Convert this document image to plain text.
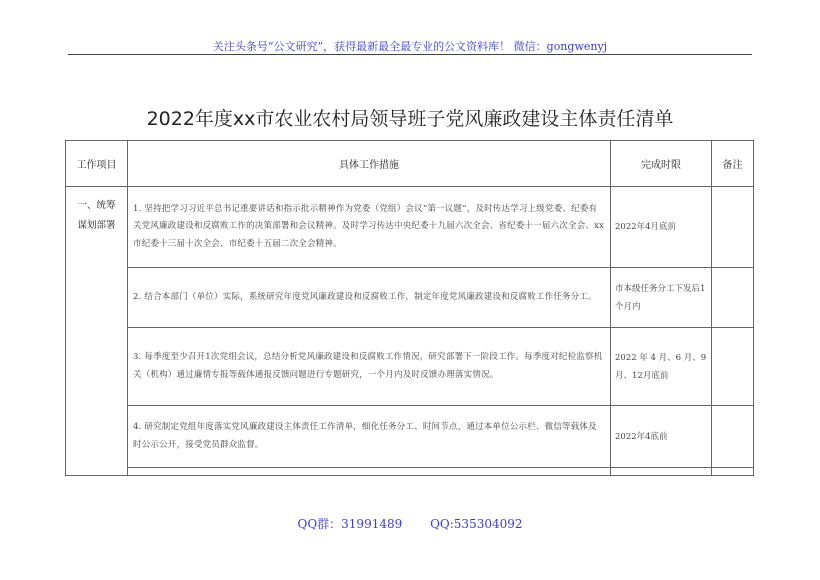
关注头条号“公文研究”，获得最新最全最专业的公文资料库！ 微信：gongwenyj
2022年度xx市农业农村局领导班子党风廉政建设主体责任清单
工作项目	具体工作措施	完成时限	备注

一、统筹
谋划部署	1. 坚持把学习习近平总书记重要讲话和指示批示精神作为党委（党组）会议“第一议题”，及时传达学习上级党委、纪委有关党风廉政建设和反腐败工作的决策部署和会议精神。及时学习传达中央纪委十九届六次全会、省纪委十一届六次全会、xx市纪委十三届十次全会、市纪委十五届二次全会精神。	2022年4月底前	
	2. 结合本部门（单位）实际，系统研究年度党风廉政建设和反腐败工作，制定年度党风廉政建设和反腐败工作任务分工。	市本级任务分工下发后1个月内	
	3. 每季度至少召开1次党组会议，总结分析党风廉政建设和反腐败工作情况，研究部署下一阶段工作。每季度对纪检监察机关（机构）通过廉情专报等载体通报反馈问题进行专题研究，一个月内及时反馈办理落实情况。	2022 年 4 月、6 月、9月、12月底前	
	4. 研究制定党组年度落实党风廉政建设主体责任工作清单，细化任务分工、时间节点，通过本单位公示栏、微信等载体及时公示公开，接受党员群众监督。	2022年4底前	

QQ群：31991489 QQ:535304092
